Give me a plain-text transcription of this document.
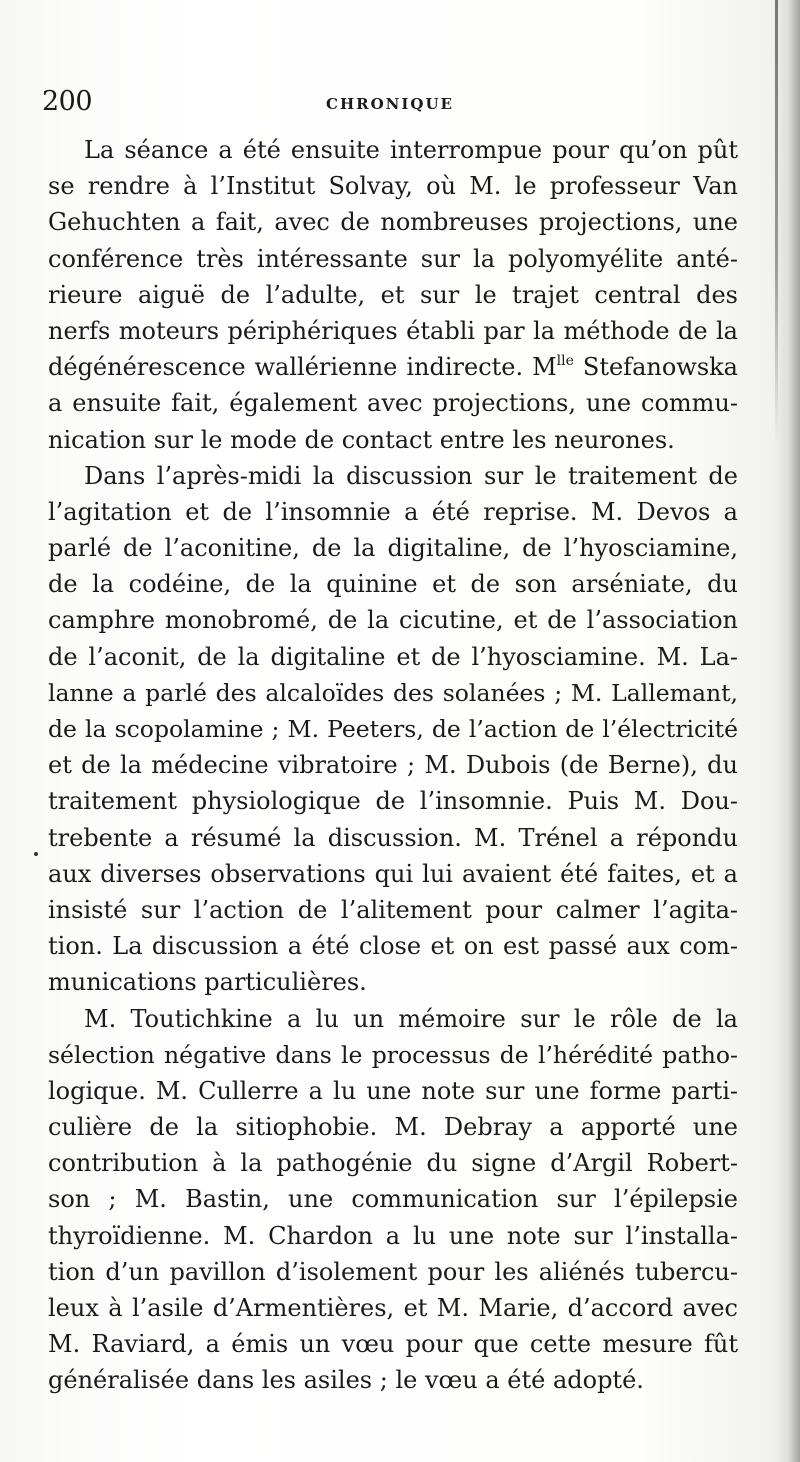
200	CHRONIQUE
La séance a été ensuite interrompue pour qu’on pût
se rendre à l’Institut Solvay, où M. le professeur Van
Gehuchten a fait, avec de nombreuses projections, une
conférence très intéressante sur la polyomyélite anté-
rieure aiguë de l’adulte, et sur le trajet central des
nerfs moteurs périphériques établi par la méthode de la
dégénérescence wallérienne indirecte. $M^{lle}$ Stefanowska
a ensuite fait, également avec projections, une commu-
nication sur le mode de contact entre les neurones.
Dans l’après-midi la discussion sur le traitement de
l’agitation et de l’insomnie a été reprise. M. Devos a
parlé de l’aconitine, de la digitaline, de l’hyosciamine,
de la codéine, de la quinine et de son arséniate, du
camphre monobromé, de la cicutine, et de l’association
de l’aconit, de la digitaline et de l’hyosciamine. M. La-
lanne a parlé des alcaloïdes des solanées ; M. Lallemant,
de la scopolamine ; M. Peeters, de l’action de l’électricité
et de la médecine vibratoire ; M. Dubois (de Berne), du
traitement physiologique de l’insomnie. Puis M. Dou-
trebente a résumé la discussion. M. Trénel a répondu
aux diverses observations qui lui avaient été faites, et a
insisté sur l’action de l’alitement pour calmer l’agita-
tion. La discussion a été close et on est passé aux com-
munications particulières.
M. Toutichkine a lu un mémoire sur le rôle de la
sélection négative dans le processus de l’hérédité patho-
logique. M. Cullerre a lu une note sur une forme parti-
culière de la sitiophobie. M. Debray a apporté une
contribution à la pathogénie du signe d’Argil Robert-
son ; M. Bastin, une communication sur l’épilepsie
thyroïdienne. M. Chardon a lu une note sur l’installa-
tion d’un pavillon d’isolement pour les aliénés tubercu-
leux à l’asile d’Armentières, et M. Marie, d’accord avec
M. Raviard, a émis un vœu pour que cette mesure fût
généralisée dans les asiles ; le vœu a été adopté.
